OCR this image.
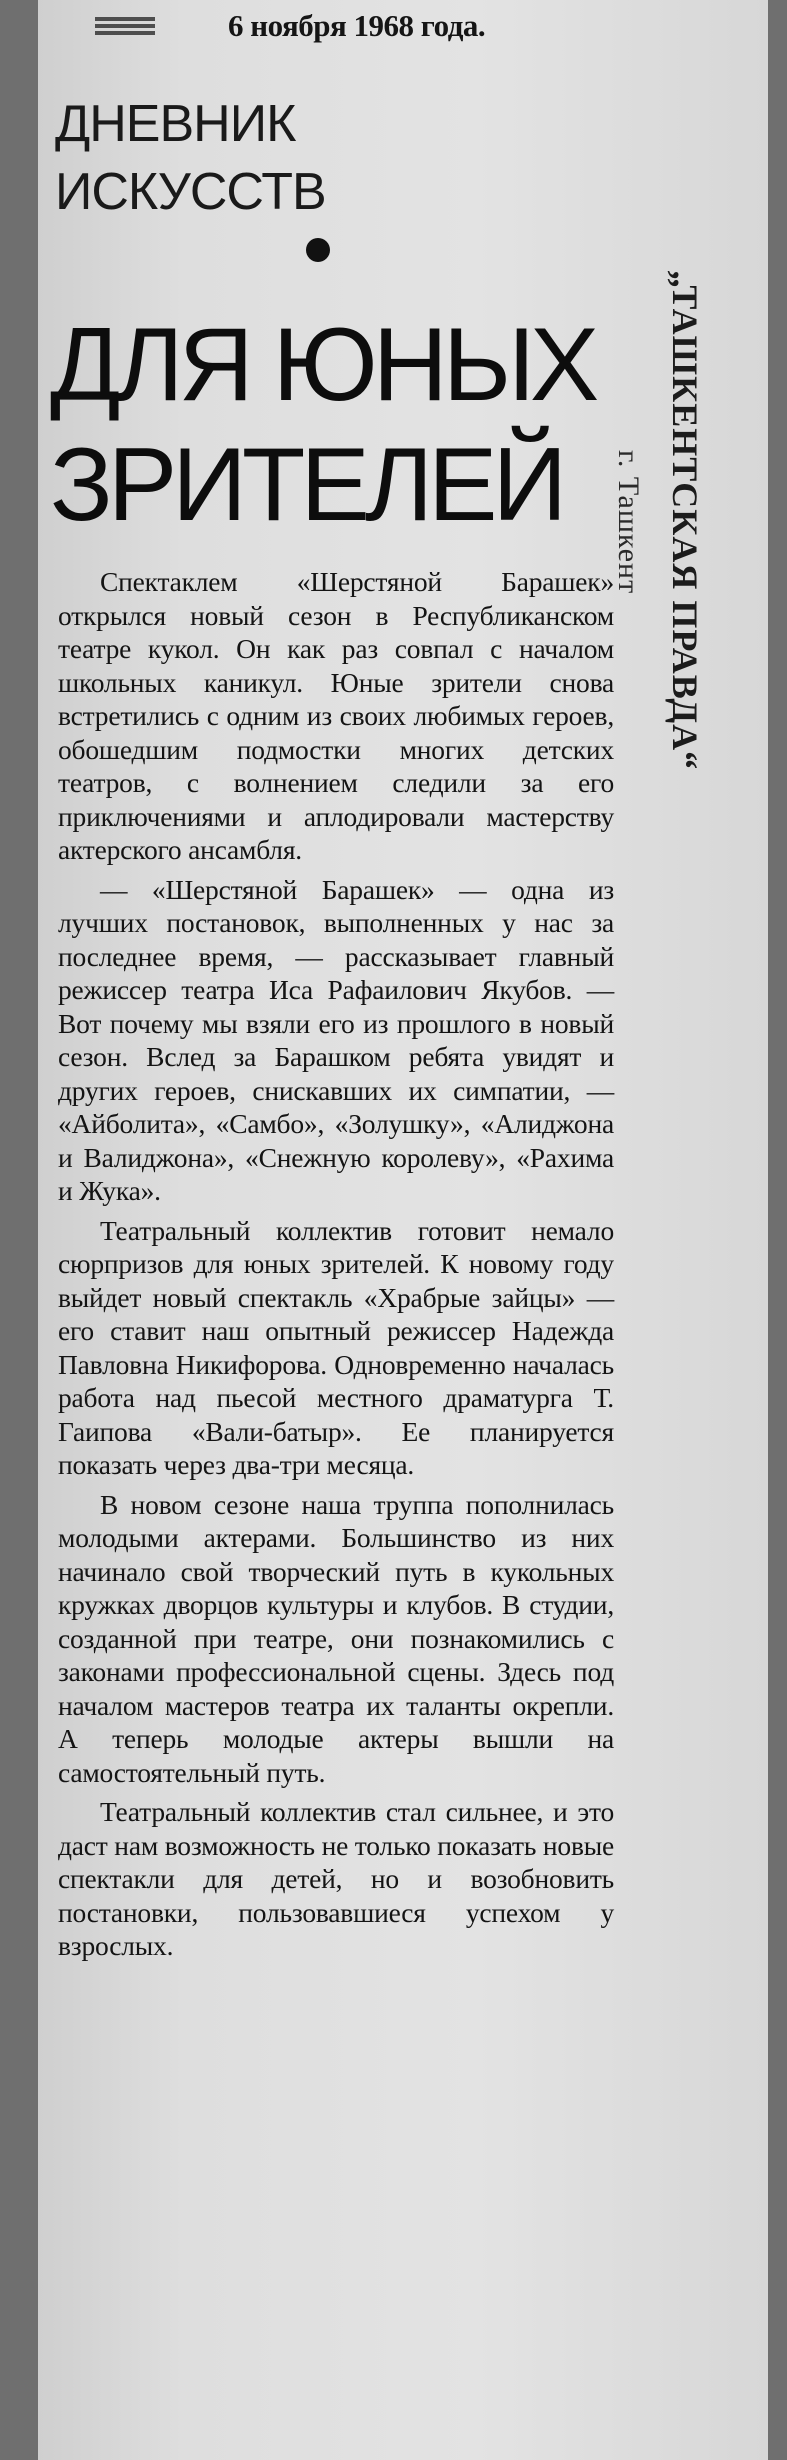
6 ноября 1968 года.
ДНЕВНИК
ИСКУССТВ
ДЛЯ ЮНЫХ
ЗРИТЕЛЕЙ	„ТАШКЕНТСКАЯ ПРАВДА“
г. Ташкент

Спектаклем «Шерстяной Барашек» открылся новый сезон в Республиканском театре кукол. Он как раз совпал с началом школьных каникул. Юные зрители снова встретились с одним из своих любимых героев, обошедшим подмостки многих детских театров, с волнением следили за его приключениями и аплодировали мастерству актерского ансамбля.

— «Шерстяной Барашек» — одна из лучших постановок, выполненных у нас за последнее время, — рассказывает главный режиссер театра Иса Рафаилович Якубов. — Вот почему мы взяли его из прошлого в новый сезон. Вслед за Барашком ребята увидят и других героев, снискавших их симпатии, — «Айболита», «Самбо», «Золушку», «Алиджона и Валиджона», «Снежную королеву», «Рахима и Жука».

Театральный коллектив готовит немало сюрпризов для юных зрителей. К новому году выйдет новый спектакль «Храбрые зайцы» — его ставит наш опытный режиссер Надежда Павловна Никифорова. Одновременно началась работа над пьесой местного драматурга Т. Гаипова «Вали-батыр». Ее планируется показать через два-три месяца.

В новом сезоне наша труппа пополнилась молодыми актерами. Большинство из них начинало свой творческий путь в кукольных кружках дворцов культуры и клубов. В студии, созданной при театре, они познакомились с законами профессиональной сцены. Здесь под началом мастеров театра их таланты окрепли. А теперь молодые актеры вышли на самостоятельный путь.

Театральный коллектив стал сильнее, и это даст нам возможность не только показать новые спектакли для детей, но и возобновить постановки, пользовавшиеся успехом у взрослых.
